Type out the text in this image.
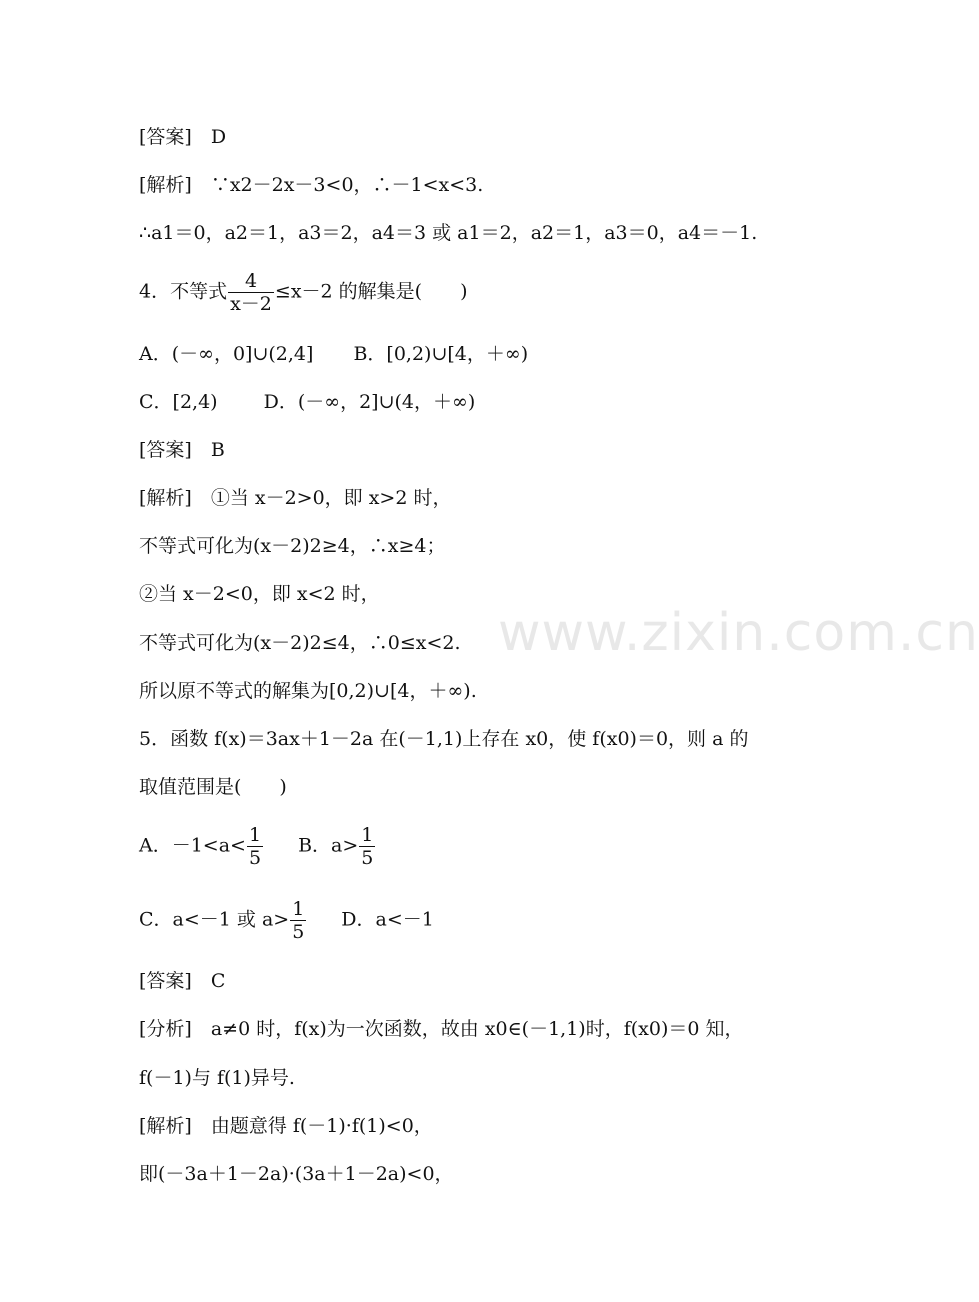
www.zixin.com.cn
[答案]　D
[解析]　∵x2－2x－3<0，∴－1<x<3.
∴a1＝0，a2＝1，a3＝2，a4＝3 或 a1＝2，a2＝1，a3＝0，a4＝－1.
4．不等式 $\frac{4}{x-2} \le x-2$ 的解集是(　　)
A．(－∞，0]∪(2,4] B．[0,2)∪[4，＋∞)
C．[2,4) D．(－∞，2]∪(4，＋∞)
[答案]　B
[解析]　①当 x－2>0，即 x>2 时，
不等式可化为(x－2)2≥4，∴x≥4；
②当 x－2<0，即 x<2 时，
不等式可化为(x－2)2≤4，∴0≤x<2.
所以原不等式的解集为[0,2)∪[4，＋∞).
5．函数 f(x)＝3ax＋1－2a 在(－1,1)上存在 x0，使 f(x0)＝0，则 a 的
取值范围是(　　)
A．$-1<a< \frac{1}{5}$ B．$a> \frac{1}{5}$
C．a<－1 或 $a> \frac{1}{5}$ D．a<－1
[答案]　C
[分析]　a≠0 时，f(x)为一次函数，故由 x0∈(－1,1)时，f(x0)＝0 知，
f(－1)与 f(1)异号.
[解析]　由题意得 f(－1)·f(1)<0，
即(－3a＋1－2a)·(3a＋1－2a)<0，
